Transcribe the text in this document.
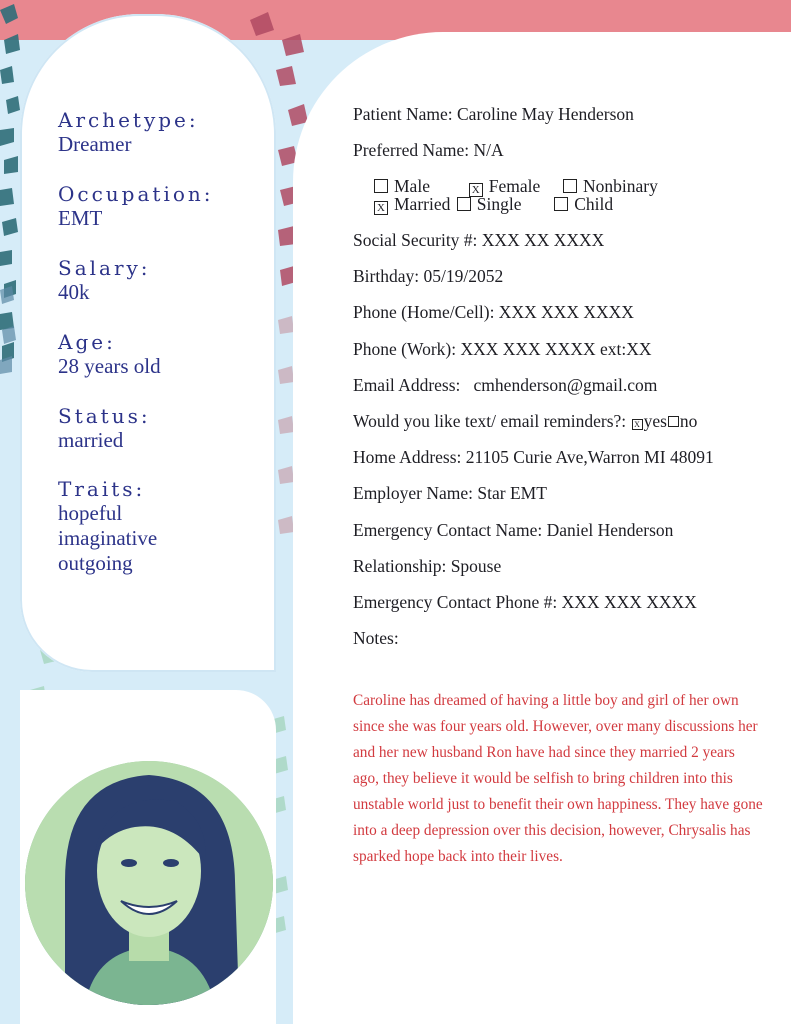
Archetype:
Dreamer
Occupation:
EMT
Salary:
40k
Age:
28 years old
Status:
married
Traits:
hopeful
imaginative
outgoing
Patient Name: Caroline May Henderson
Preferred Name: N/A
Male	X Female Nonbinary
X Married Single	Child
Social Security #: XXX XX XXXX
Birthday: 05/19/2052
Phone (Home/Cell): XXX XXX XXXX
Phone (Work): XXX XXX XXXX ext:XX
Email Address:   cmhenderson@gmail.com
Would you like text/ email reminders?: X yes no
Home Address: 21105 Curie Ave,Warron MI 48091
Employer Name: Star EMT
Emergency Contact Name: Daniel Henderson
Relationship: Spouse
Emergency Contact Phone #: XXX XXX XXXX
Notes:
Caroline has dreamed of having a little boy and girl of her own since she was four years old. However, over many discussions her and her new husband Ron have had since they married 2 years ago, they believe it would be selfish to bring children into this unstable world just to benefit their own happiness. They have gone into a deep depression over this decision, however, Chrysalis has sparked hope back into their lives.
